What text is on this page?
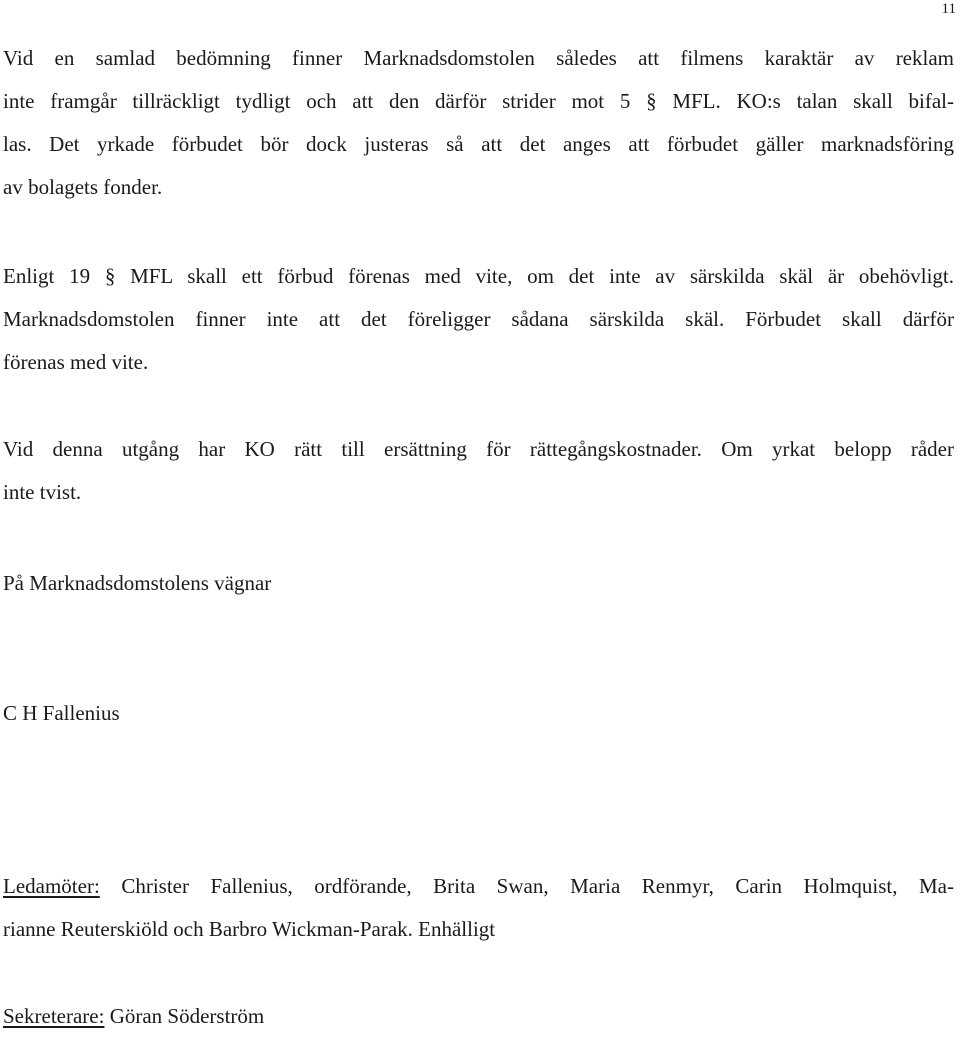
11

Vid en samlad bedömning finner Marknadsdomstolen således att filmens karaktär av reklam
inte framgår tillräckligt tydligt och att den därför strider mot 5 § MFL. KO:s talan skall bifal-
las. Det yrkade förbudet bör dock justeras så att det anges att förbudet gäller marknadsföring
av bolagets fonder.

Enligt 19 § MFL skall ett förbud förenas med vite, om det inte av särskilda skäl är obehövligt.
Marknadsdomstolen finner inte att det föreligger sådana särskilda skäl. Förbudet skall därför
förenas med vite.

Vid denna utgång har KO rätt till ersättning för rättegångskostnader. Om yrkat belopp råder
inte tvist.

På Marknadsdomstolens vägnar

C H Fallenius

Ledamöter: Christer Fallenius, ordförande, Brita Swan, Maria Renmyr, Carin Holmquist, Ma-
rianne Reuterskiöld och Barbro Wickman-Parak. Enhälligt

Sekreterare: Göran Söderström
